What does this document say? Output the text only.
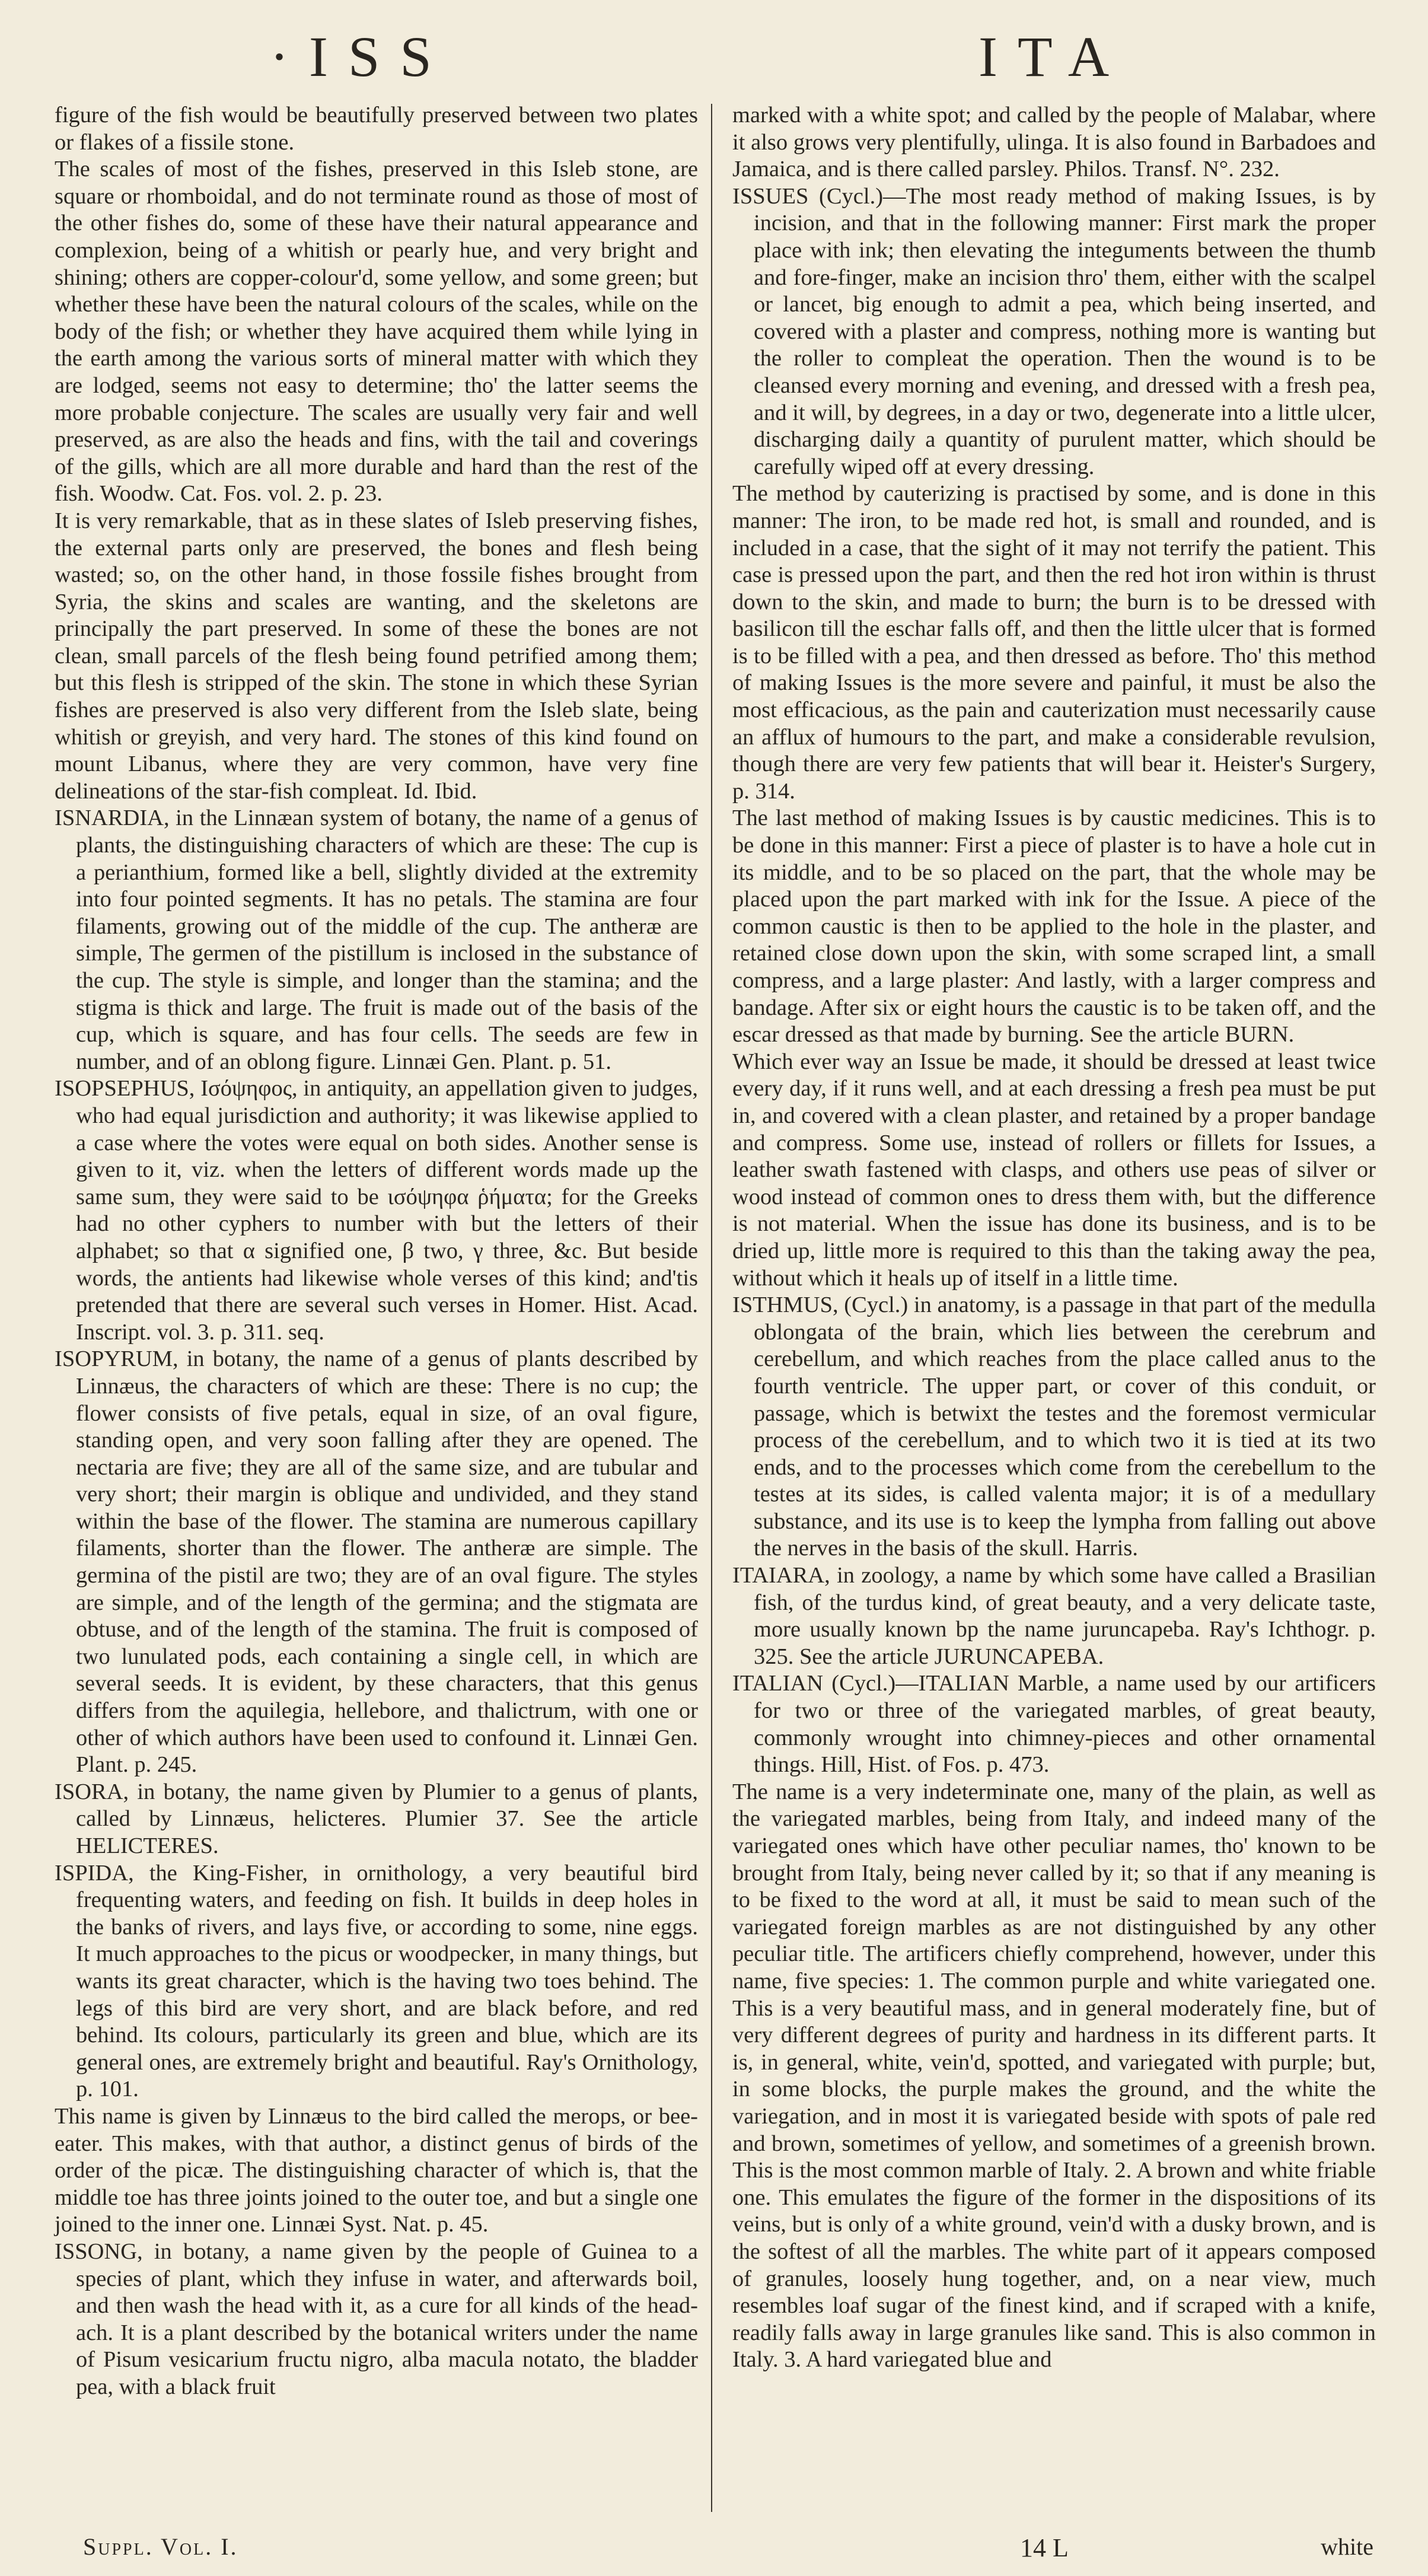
·ISS	ITA

figure of the fish would be beautifully preserved between two plates or flakes of a fissile stone.

The scales of most of the fishes, preserved in this Isleb stone, are square or rhomboidal, and do not terminate round as those of most of the other fishes do, some of these have their natural appearance and complexion, being of a whitish or pearly hue, and very bright and shining; others are copper-colour'd, some yellow, and some green; but whether these have been the natural colours of the scales, while on the body of the fish; or whether they have acquired them while lying in the earth among the various sorts of mineral matter with which they are lodged, seems not easy to determine; tho' the latter seems the more probable conjecture. The scales are usually very fair and well preserved, as are also the heads and fins, with the tail and coverings of the gills, which are all more durable and hard than the rest of the fish. Woodw. Cat. Fos. vol. 2. p. 23.

It is very remarkable, that as in these slates of Isleb preserving fishes, the external parts only are preserved, the bones and flesh being wasted; so, on the other hand, in those fossile fishes brought from Syria, the skins and scales are wanting, and the skeletons are principally the part preserved. In some of these the bones are not clean, small parcels of the flesh being found petrified among them; but this flesh is stripped of the skin. The stone in which these Syrian fishes are preserved is also very different from the Isleb slate, being whitish or greyish, and very hard. The stones of this kind found on mount Libanus, where they are very common, have very fine delineations of the star-fish compleat. Id. Ibid.

ISNARDIA, in the Linnæan system of botany, the name of a genus of plants, the distinguishing characters of which are these: The cup is a perianthium, formed like a bell, slightly divided at the extremity into four pointed segments. It has no petals. The stamina are four filaments, growing out of the middle of the cup. The antheræ are simple, The germen of the pistillum is inclosed in the substance of the cup. The style is simple, and longer than the stamina; and the stigma is thick and large. The fruit is made out of the basis of the cup, which is square, and has four cells. The seeds are few in number, and of an oblong figure. Linnæi Gen. Plant. p. 51.

ISOPSEPHUS, Ισόψηφος, in antiquity, an appellation given to judges, who had equal jurisdiction and authority; it was likewise applied to a case where the votes were equal on both sides. Another sense is given to it, viz. when the letters of different words made up the same sum, they were said to be ισόψηφα ῥήματα; for the Greeks had no other cyphers to number with but the letters of their alphabet; so that α signified one, β two, γ three, &c. But beside words, the antients had likewise whole verses of this kind; and'tis pretended that there are several such verses in Homer. Hist. Acad. Inscript. vol. 3. p. 311. seq.

ISOPYRUM, in botany, the name of a genus of plants described by Linnæus, the characters of which are these: There is no cup; the flower consists of five petals, equal in size, of an oval figure, standing open, and very soon falling after they are opened. The nectaria are five; they are all of the same size, and are tubular and very short; their margin is oblique and undivided, and they stand within the base of the flower. The stamina are numerous capillary filaments, shorter than the flower. The antheræ are simple. The germina of the pistil are two; they are of an oval figure. The styles are simple, and of the length of the germina; and the stigmata are obtuse, and of the length of the stamina. The fruit is composed of two lunulated pods, each containing a single cell, in which are several seeds. It is evident, by these characters, that this genus differs from the aquilegia, hellebore, and thalictrum, with one or other of which authors have been used to confound it. Linnæi Gen. Plant. p. 245.

ISORA, in botany, the name given by Plumier to a genus of plants, called by Linnæus, helicteres. Plumier 37. See the article HELICTERES.

ISPIDA, the King-Fisher, in ornithology, a very beautiful bird frequenting waters, and feeding on fish. It builds in deep holes in the banks of rivers, and lays five, or according to some, nine eggs. It much approaches to the picus or woodpecker, in many things, but wants its great character, which is the having two toes behind. The legs of this bird are very short, and are black before, and red behind. Its colours, particularly its green and blue, which are its general ones, are extremely bright and beautiful. Ray's Ornithology, p. 101.

This name is given by Linnæus to the bird called the merops, or bee-eater. This makes, with that author, a distinct genus of birds of the order of the picæ. The distinguishing character of which is, that the middle toe has three joints joined to the outer toe, and but a single one joined to the inner one. Linnæi Syst. Nat. p. 45.

ISSONG, in botany, a name given by the people of Guinea to a species of plant, which they infuse in water, and afterwards boil, and then wash the head with it, as a cure for all kinds of the head-ach. It is a plant described by the botanical writers under the name of Pisum vesicarium fructu nigro, alba macula notato, the bladder pea, with a black fruit

marked with a white spot; and called by the people of Malabar, where it also grows very plentifully, ulinga. It is also found in Barbadoes and Jamaica, and is there called parsley. Philos. Transf. N°. 232.

ISSUES (Cycl.)—The most ready method of making Issues, is by incision, and that in the following manner: First mark the proper place with ink; then elevating the integuments between the thumb and fore-finger, make an incision thro' them, either with the scalpel or lancet, big enough to admit a pea, which being inserted, and covered with a plaster and compress, nothing more is wanting but the roller to compleat the operation. Then the wound is to be cleansed every morning and evening, and dressed with a fresh pea, and it will, by degrees, in a day or two, degenerate into a little ulcer, discharging daily a quantity of purulent matter, which should be carefully wiped off at every dressing.

The method by cauterizing is practised by some, and is done in this manner: The iron, to be made red hot, is small and rounded, and is included in a case, that the sight of it may not terrify the patient. This case is pressed upon the part, and then the red hot iron within is thrust down to the skin, and made to burn; the burn is to be dressed with basilicon till the eschar falls off, and then the little ulcer that is formed is to be filled with a pea, and then dressed as before. Tho' this method of making Issues is the more severe and painful, it must be also the most efficacious, as the pain and cauterization must necessarily cause an afflux of humours to the part, and make a considerable revulsion, though there are very few patients that will bear it. Heister's Surgery, p. 314.

The last method of making Issues is by caustic medicines. This is to be done in this manner: First a piece of plaster is to have a hole cut in its middle, and to be so placed on the part, that the whole may be placed upon the part marked with ink for the Issue. A piece of the common caustic is then to be applied to the hole in the plaster, and retained close down upon the skin, with some scraped lint, a small compress, and a large plaster: And lastly, with a larger compress and bandage. After six or eight hours the caustic is to be taken off, and the escar dressed as that made by burning. See the article BURN.

Which ever way an Issue be made, it should be dressed at least twice every day, if it runs well, and at each dressing a fresh pea must be put in, and covered with a clean plaster, and retained by a proper bandage and compress. Some use, instead of rollers or fillets for Issues, a leather swath fastened with clasps, and others use peas of silver or wood instead of common ones to dress them with, but the difference is not material. When the issue has done its business, and is to be dried up, little more is required to this than the taking away the pea, without which it heals up of itself in a little time.

ISTHMUS, (Cycl.) in anatomy, is a passage in that part of the medulla oblongata of the brain, which lies between the cerebrum and cerebellum, and which reaches from the place called anus to the fourth ventricle. The upper part, or cover of this conduit, or passage, which is betwixt the testes and the foremost vermicular process of the cerebellum, and to which two it is tied at its two ends, and to the processes which come from the cerebellum to the testes at its sides, is called valenta major; it is of a medullary substance, and its use is to keep the lympha from falling out above the nerves in the basis of the skull. Harris.

ITAIARA, in zoology, a name by which some have called a Brasilian fish, of the turdus kind, of great beauty, and a very delicate taste, more usually known bp the name juruncapeba. Ray's Ichthogr. p. 325. See the article JURUNCAPEBA.

ITALIAN (Cycl.)—ITALIAN Marble, a name used by our artificers for two or three of the variegated marbles, of great beauty, commonly wrought into chimney-pieces and other ornamental things. Hill, Hist. of Fos. p. 473.

The name is a very indeterminate one, many of the plain, as well as the variegated marbles, being from Italy, and indeed many of the variegated ones which have other peculiar names, tho' known to be brought from Italy, being never called by it; so that if any meaning is to be fixed to the word at all, it must be said to mean such of the variegated foreign marbles as are not distinguished by any other peculiar title. The artificers chiefly comprehend, however, under this name, five species: 1. The common purple and white variegated one. This is a very beautiful mass, and in general moderately fine, but of very different degrees of purity and hardness in its different parts. It is, in general, white, vein'd, spotted, and variegated with purple; but, in some blocks, the purple makes the ground, and the white the variegation, and in most it is variegated beside with spots of pale red and brown, sometimes of yellow, and sometimes of a greenish brown. This is the most common marble of Italy. 2. A brown and white friable one. This emulates the figure of the former in the dispositions of its veins, but is only of a white ground, vein'd with a dusky brown, and is the softest of all the marbles. The white part of it appears composed of granules, loosely hung together, and, on a near view, much resembles loaf sugar of the finest kind, and if scraped with a knife, readily falls away in large granules like sand. This is also common in Italy. 3. A hard variegated blue and

Suppl. Vol. I.	14 L	white
